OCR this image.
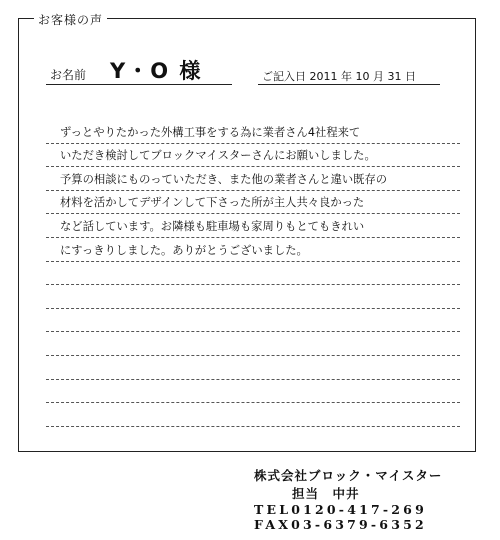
お客様の声
お名前 Y・O 様	ご記入日 2011 年 10 月 31 日
ずっとやりたかった外構工事をする為に業者さん4社程来て
いただき検討してブロックマイスターさんにお願いしました。
予算の相談にものっていただき、また他の業者さんと違い既存の
材料を活かしてデザインして下さった所が主人共々良かった
など話しています。お隣様も駐車場も家周りもとてもきれい
にすっきりしました。ありがとうございました。
株式会社ブロック・マイスター
担当　中井
TEL0120-417-269
FAX03-6379-6352
